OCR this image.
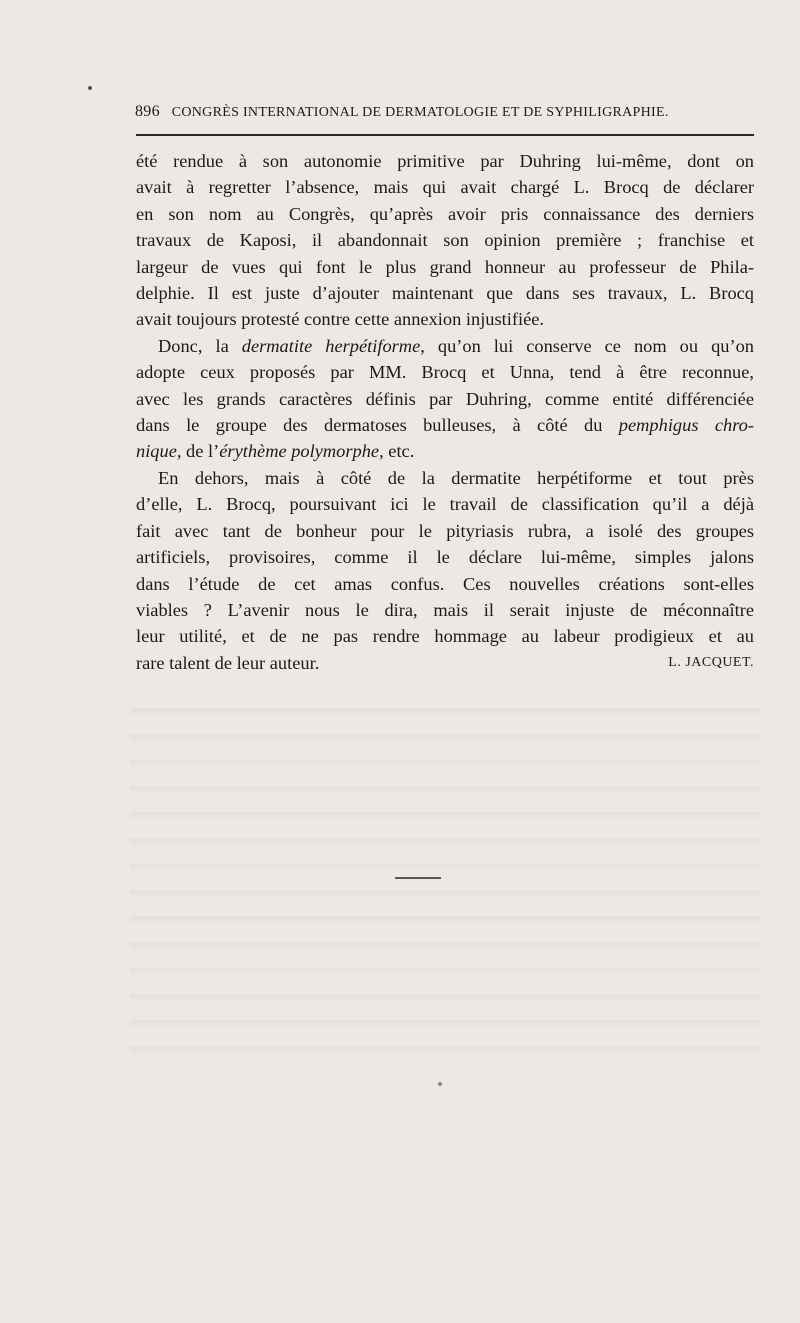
896 CONGRÈS INTERNATIONAL DE DERMATOLOGIE ET DE SYPHILIGRAPHIE.
été rendue à son autonomie primitive par Duhring lui-même, dont on
avait à regretter l’absence, mais qui avait chargé L. Brocq de déclarer
en son nom au Congrès, qu’après avoir pris connaissance des derniers
travaux de Kaposi, il abandonnait son opinion première ; franchise et
largeur de vues qui font le plus grand honneur au professeur de Phila-
delphie. Il est juste d’ajouter maintenant que dans ses travaux, L. Brocq
avait toujours protesté contre cette annexion injustifiée.
Donc, la dermatite herpétiforme, qu’on lui conserve ce nom ou qu’on
adopte ceux proposés par MM. Brocq et Unna, tend à être reconnue,
avec les grands caractères définis par Duhring, comme entité différenciée
dans le groupe des dermatoses bulleuses, à côté du pemphigus chro-
nique, de l’érythème polymorphe, etc.
En dehors, mais à côté de la dermatite herpétiforme et tout près
d’elle, L. Brocq, poursuivant ici le travail de classification qu’il a déjà
fait avec tant de bonheur pour le pityriasis rubra, a isolé des groupes
artificiels, provisoires, comme il le déclare lui-même, simples jalons
dans l’étude de cet amas confus. Ces nouvelles créations sont-elles
viables ? L’avenir nous le dira, mais il serait injuste de méconnaître
leur utilité, et de ne pas rendre hommage au labeur prodigieux et au
rare talent de leur auteur.	L. JACQUET.
